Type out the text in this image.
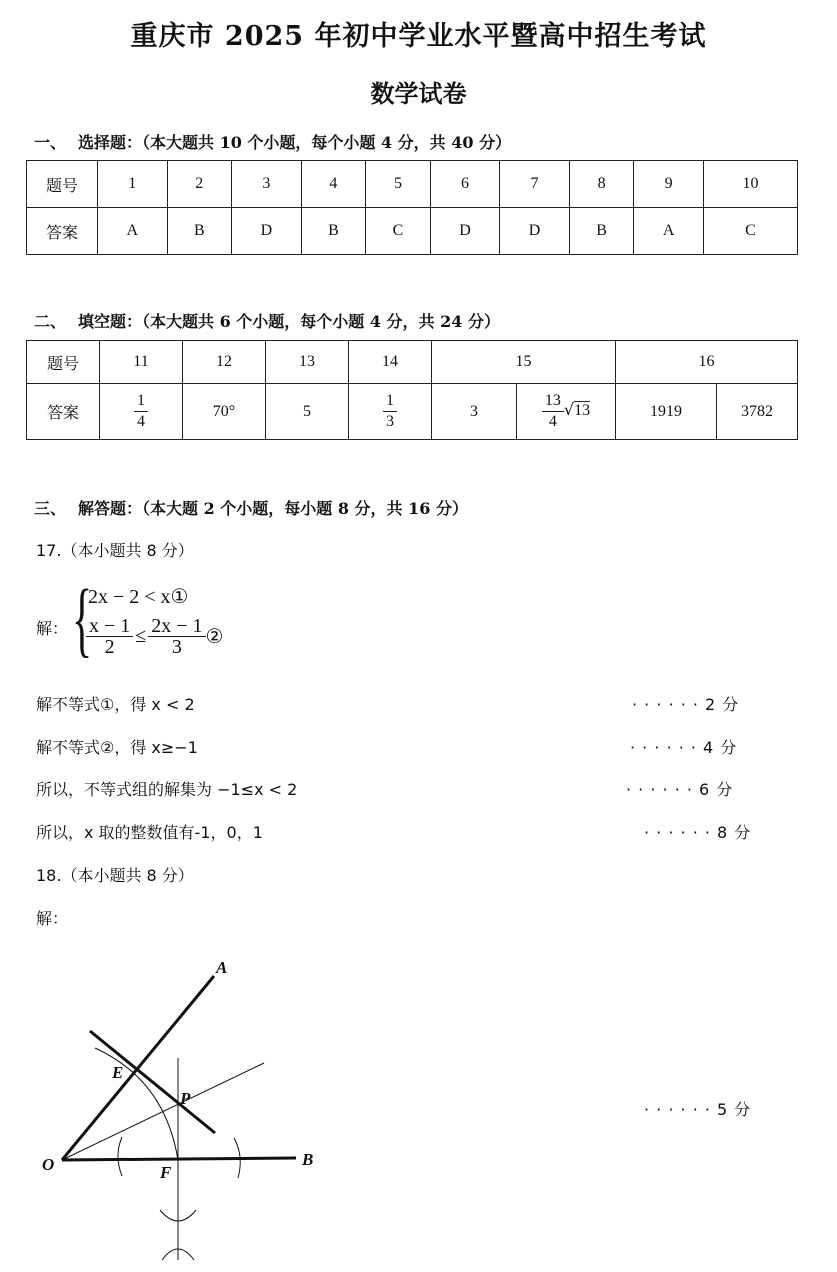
重庆市 2025 年初中学业水平暨高中招生考试
数学试卷
一、 选择题：（本大题共 10 个小题，每个小题 4 分，共 40 分）
题号	1	2	3	4	5	6	7	8	9	10
答案	A	B	D	B	C	D	D	B	A	C
二、 填空题：（本大题共 6 个小题，每个小题 4 分，共 24 分）
题号	11	12	13	14	15		16	
答案	$\frac{1}{4}$	70°	5	$\frac{1}{3}$	3	$\frac{13}{4} √13$	1919	3782
三、 解答题：（本大题 2 个小题，每小题 8 分，共 16 分）
17.（本小题共 8 分）
解： {
2x − 2 < x①
$\frac{x - 1}{2} \le \frac{2x - 1}{3}$ ②
解不等式①，得 x < 2	· · · · · · 2 分
解不等式②，得 x≥−1	· · · · · · 4 分
所以，不等式组的解集为 −1≤x < 2	· · · · · · 6 分
所以，x 取的整数值有-1，0，1	· · · · · · 8 分
18.（本小题共 8 分）
解：
· · · · · · 5 分
A
B
O
E
F
P
